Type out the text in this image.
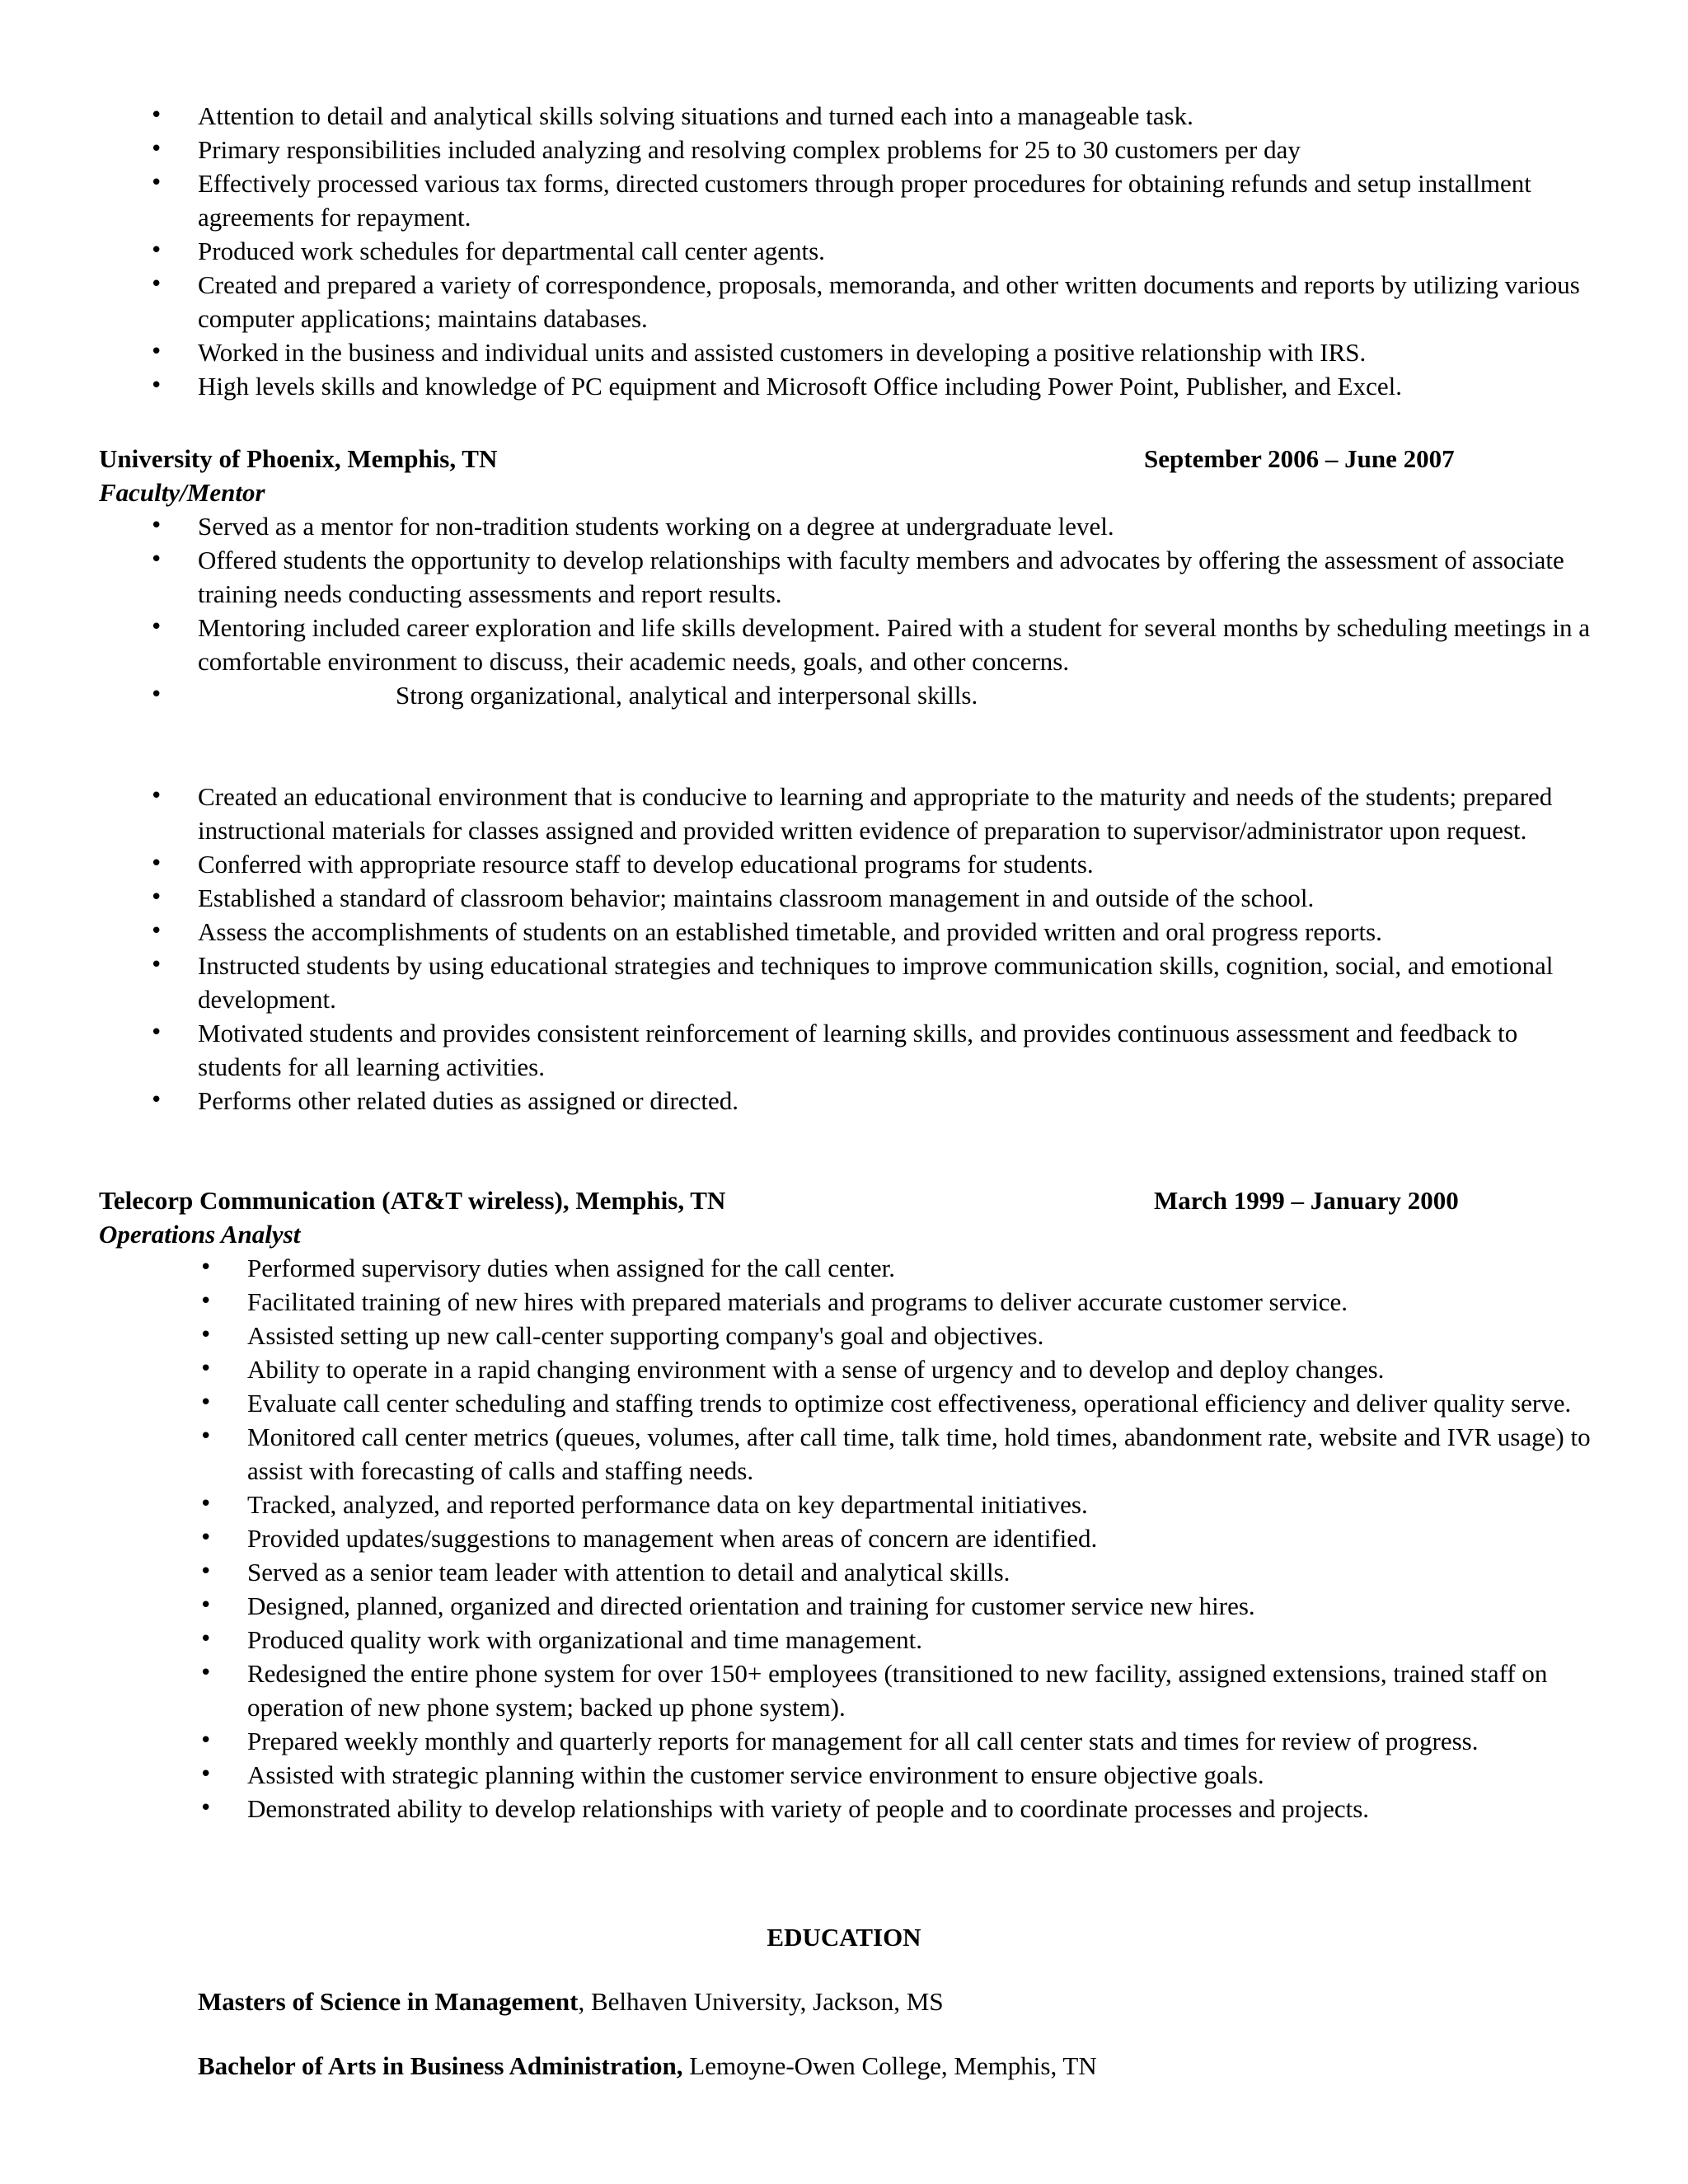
• Attention to detail and analytical skills solving situations and turned each into a manageable task.
• Primary responsibilities included analyzing and resolving complex problems for 25 to 30 customers per day
• Effectively processed various tax forms, directed customers through proper procedures for obtaining refunds and setup installment agreements for repayment.
• Produced work schedules for departmental call center agents.
• Created and prepared a variety of correspondence, proposals, memoranda, and other written documents and reports by utilizing various computer applications; maintains databases.
• Worked in the business and individual units and assisted customers in developing a positive relationship with IRS.
• High levels skills and knowledge of PC equipment and Microsoft Office including Power Point, Publisher, and Excel.
University of Phoenix, Memphis, TN	September 2006 – June 2007
Faculty/Mentor
• Served as a mentor for non-tradition students working on a degree at undergraduate level.
• Offered students the opportunity to develop relationships with faculty members and advocates by offering the assessment of associate training needs conducting assessments and report results.
• Mentoring included career exploration and life skills development. Paired with a student for several months by scheduling meetings in a comfortable environment to discuss, their academic needs, goals, and other concerns.
• Strong organizational, analytical and interpersonal skills.
• Created an educational environment that is conducive to learning and appropriate to the maturity and needs of the students; prepared instructional materials for classes assigned and provided written evidence of preparation to supervisor/administrator upon request.
• Conferred with appropriate resource staff to develop educational programs for students.
• Established a standard of classroom behavior; maintains classroom management in and outside of the school.
• Assess the accomplishments of students on an established timetable, and provided written and oral progress reports.
• Instructed students by using educational strategies and techniques to improve communication skills, cognition, social, and emotional development.
• Motivated students and provides consistent reinforcement of learning skills, and provides continuous assessment and feedback to students for all learning activities.
• Performs other related duties as assigned or directed.
Telecorp Communication (AT&T wireless), Memphis, TN	March 1999 – January 2000
Operations Analyst
• Performed supervisory duties when assigned for the call center.
• Facilitated training of new hires with prepared materials and programs to deliver accurate customer service.
• Assisted setting up new call-center supporting company's goal and objectives.
• Ability to operate in a rapid changing environment with a sense of urgency and to develop and deploy changes.
• Evaluate call center scheduling and staffing trends to optimize cost effectiveness, operational efficiency and deliver quality serve.
• Monitored call center metrics (queues, volumes, after call time, talk time, hold times, abandonment rate, website and IVR usage) to assist with forecasting of calls and staffing needs.
• Tracked, analyzed, and reported performance data on key departmental initiatives.
• Provided updates/suggestions to management when areas of concern are identified.
• Served as a senior team leader with attention to detail and analytical skills.
• Designed, planned, organized and directed orientation and training for customer service new hires.
• Produced quality work with organizational and time management.
• Redesigned the entire phone system for over 150+ employees (transitioned to new facility, assigned extensions, trained staff on operation of new phone system; backed up phone system).
• Prepared weekly monthly and quarterly reports for management for all call center stats and times for review of progress.
• Assisted with strategic planning within the customer service environment to ensure objective goals.
• Demonstrated ability to develop relationships with variety of people and to coordinate processes and projects.
EDUCATION
Masters of Science in Management, Belhaven University, Jackson, MS
Bachelor of Arts in Business Administration, Lemoyne-Owen College, Memphis, TN
